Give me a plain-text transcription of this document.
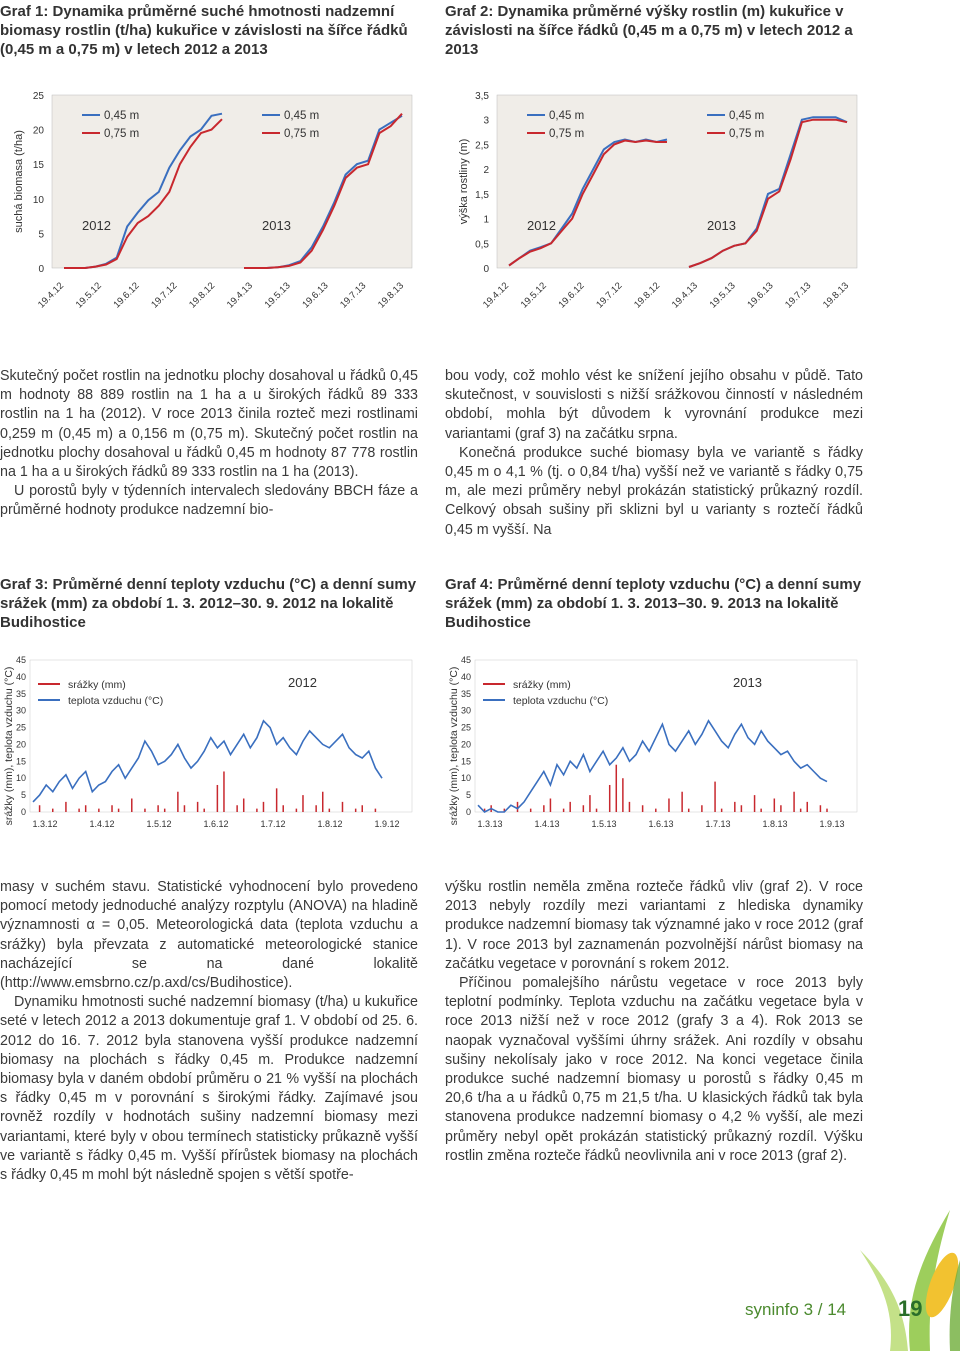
Graf 1: Dynamika průměrné suché hmotnosti nadzemní biomasy rostlin (t/ha) kukuřice v závislosti na šířce řádků (0,45 m a 0,75 m) v letech 2012 a 2013
Graf 2: Dynamika průměrné výšky rostlin (m) kukuřice v závislosti na šířce řádků (0,45 m a 0,75 m) v letech 2012 a 2013
Graf 3: Průměrné denní teploty vzduchu (°C) a denní sumy srážek (mm) za období 1. 3. 2012–30. 9. 2012 na lokalitě Budihostice
Graf 4: Průměrné denní teploty vzduchu (°C) a denní sumy srážek (mm) za období 1. 3. 2013–30. 9. 2013 na lokalitě Budihostice
0
5
10
15
20
25
suchá biomasa (t/ha)
0,45 m
0,75 m
2012
0,45 m
0,75 m
2013
19.4.12 19.5.12 19.6.12 19.7.12 19.8.12 19.4.13 19.5.13 19.6.13 19.7.13 19.8.13
0
0,5
1
1,5
2
2,5
3
3,5
výška rostliny (m)
0,45 m
0,75 m
2012
0,45 m
0,75 m
2013
19.4.12 19.5.12 19.6.12 19.7.12 19.8.12 19.4.13 19.5.13 19.6.13 19.7.13 19.8.13
0
5
10
15
20
25
30
35
40
45
srážky (mm), teplota vzduchu (°C)	srážky (mm)
teplota vzduchu (°C)
2012
1.3.12	1.4.12	1.5.12	1.6.12	1.7.12	1.8.12	1.9.12
0
5
10
15
20
25
30
35
40
45
srážky (mm), teplota vzduchu (°C)	srážky (mm)
teplota vzduchu (°C)
2013
1.3.13	1.4.13	1.5.13	1.6.13	1.7.13	1.8.13	1.9.13

Skutečný počet rostlin na jednotku plochy dosahoval u řádků 0,45 m hodnoty 88 889 rostlin na 1 ha a u širokých řádků 89 333 rostlin na 1 ha (2012). V roce 2013 činila rozteč mezi rostlinami 0,259 m (0,45 m) a 0,156 m (0,75 m). Skutečný počet rostlin na jednotku plochy dosahoval u řádků 0,45 m hodnoty 87 778 rostlin na 1 ha a u širokých řádků 89 333 rostlin na 1 ha (2013).

U porostů byly v týdenních intervalech sledovány BBCH fáze a průměrné hodnoty produkce nadzemní bio-

bou vody, což mohlo vést ke snížení jejího obsahu v půdě. Tato skutečnost, v souvislosti s nižší srážkovou činností v následném období, mohla být důvodem k vyrovnání produkce mezi variantami (graf 3) na začátku srpna.

Konečná produkce suché biomasy byla ve variantě s řádky 0,45 m o 4,1 % (tj. o 0,84 t/ha) vyšší než ve variantě s řádky 0,75 m, ale mezi průměry nebyl prokázán statistický průkazný rozdíl. Celkový obsah sušiny při sklizni byl u varianty s roztečí řádků 0,45 m vyšší. Na

masy v suchém stavu. Statistické vyhodnocení bylo provedeno pomocí metody jednoduché analýzy rozptylu (ANOVA) na hladině významnosti α = 0,05. Meteorologická data (teplota vzduchu a srážky) byla převzata z automatické meteorologické stanice nacházející se na dané lokalitě (http://www.emsbrno.cz/p.axd/cs/Budihostice).

Dynamiku hmotnosti suché nadzemní biomasy (t/ha) u kukuřice seté v letech 2012 a 2013 dokumentuje graf 1. V období od 25. 6. 2012 do 16. 7. 2012 byla stanovena vyšší produkce nadzemní biomasy na plochách s řádky 0,45 m. Produkce nadzemní biomasy byla v daném období průměru o 21 % vyšší na plochách s řádky 0,45 m v porovnání s širokými řádky. Zajímavé jsou rovněž rozdíly v hodnotách sušiny nadzemní biomasy mezi variantami, které byly v obou termínech statisticky průkazně vyšší ve variantě s řádky 0,45 m. Vyšší přírůstek biomasy na plochách s řádky 0,45 m mohl být následně spojen s větší spotře-

výšku rostlin neměla změna rozteče řádků vliv (graf 2). V roce 2013 nebyly rozdíly mezi variantami z hlediska dynamiky produkce nadzemní biomasy tak významné jako v roce 2012 (graf 1). V roce 2013 byl zaznamenán pozvolnější nárůst biomasy na začátku vegetace v porovnání s rokem 2012.

Příčinou pomalejšího nárůstu vegetace v roce 2013 byly teplotní podmínky. Teplota vzduchu na začátku vegetace byla v roce 2013 nižší než v roce 2012 (grafy 3 a 4). Rok 2013 se naopak vyznačoval vyššími úhrny srážek. Ani rozdíly v obsahu sušiny nekolísaly jako v roce 2012. Na konci vegetace činila produkce suché nadzemní biomasy u porostů s řádky 0,45 m 20,6 t/ha a u řádků 0,75 m 21,5 t/ha. U klasických řádků tak byla stanovena produkce nadzemní biomasy o 4,2 % vyšší, ale mezi průměry nebyl opět prokázán statistický průkazný rozdíl. Výšku rostlin změna rozteče řádků neovlivnila ani v roce 2013 (graf 2).

syninfo 3 / 14 19
